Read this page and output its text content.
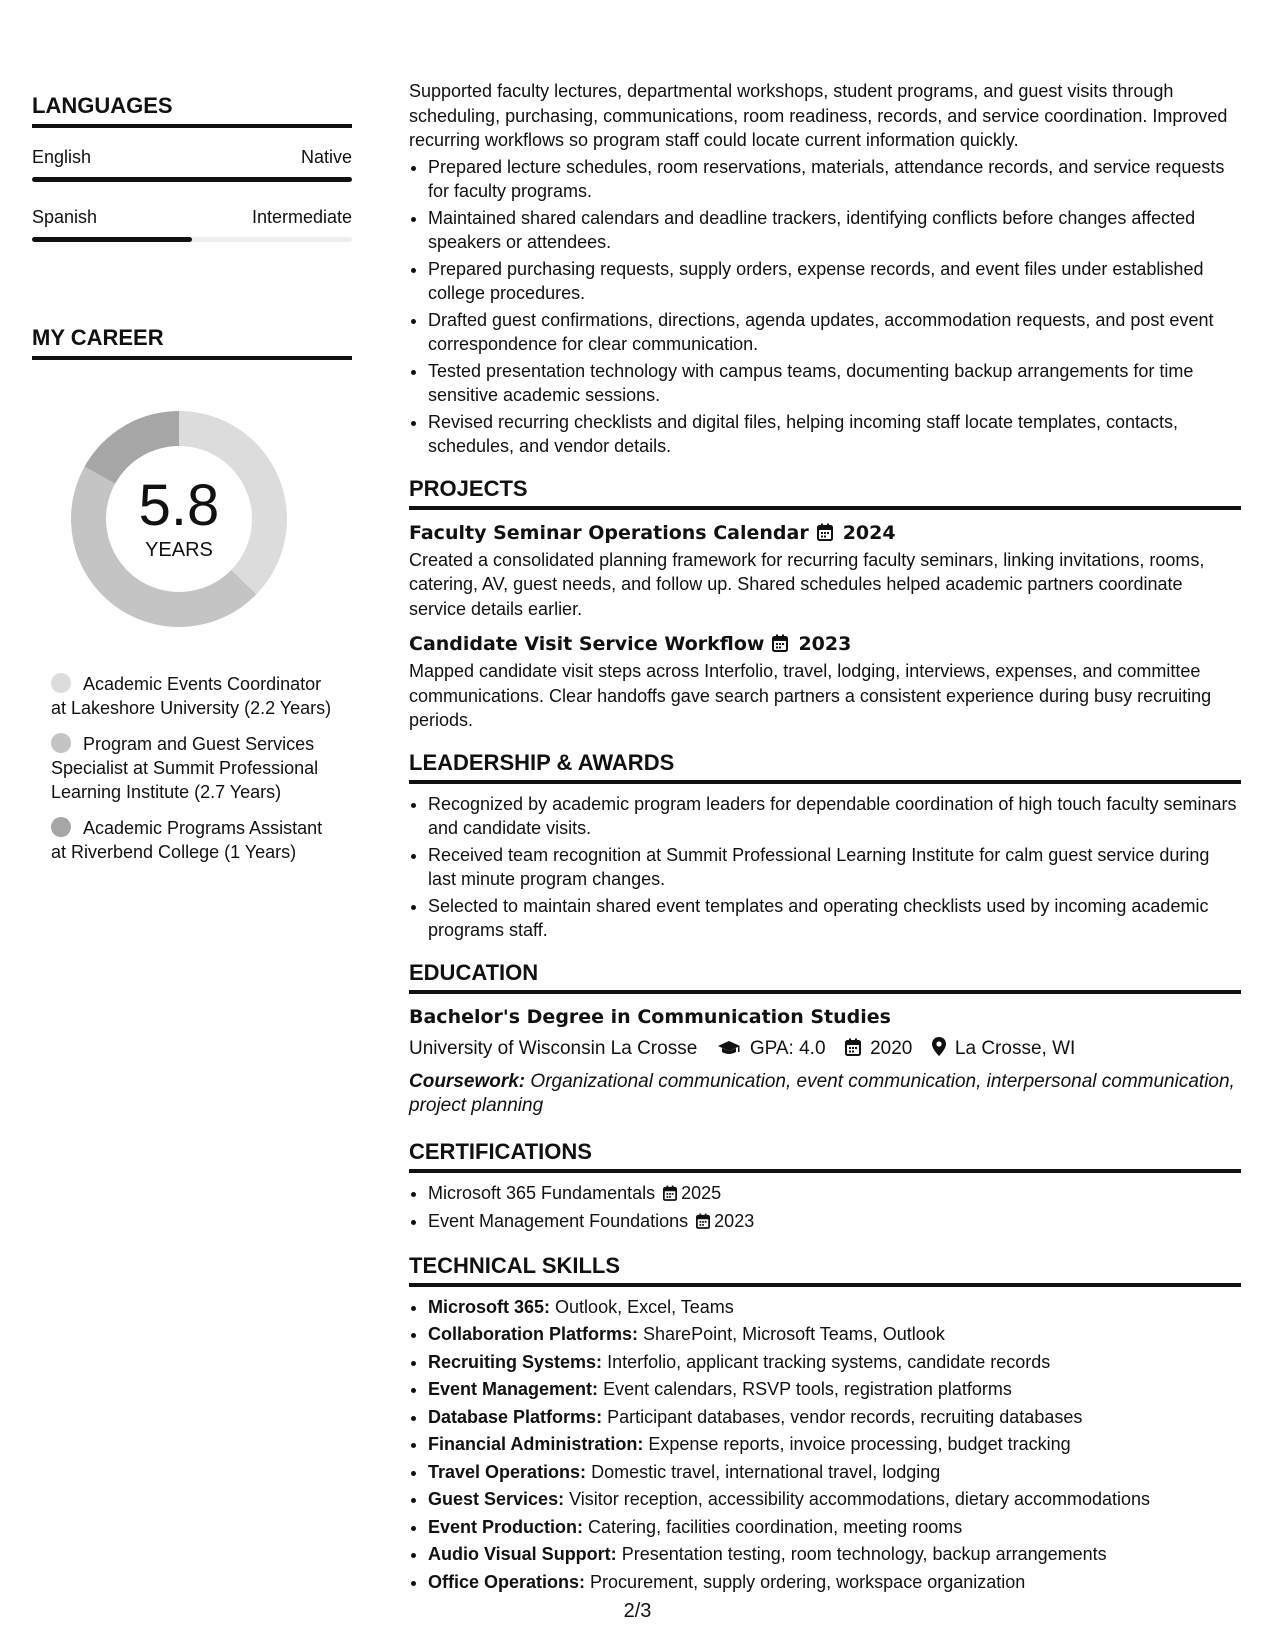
LANGUAGES
English	Native
Spanish	Intermediate
MY CAREER
5.8
YEARS
Academic Events Coordinator at Lakeshore University (2.2 Years)
Program and Guest Services Specialist at Summit Professional Learning Institute (2.7 Years)
Academic Programs Assistant at Riverbend College (1 Years)

Supported faculty lectures, departmental workshops, student programs, and guest visits through scheduling, purchasing, communications, room readiness, records, and service coordination. Improved recurring workflows so program staff could locate current information quickly.

• Prepared lecture schedules, room reservations, materials, attendance records, and service requests for faculty programs.
• Maintained shared calendars and deadline trackers, identifying conflicts before changes affected speakers or attendees.
• Prepared purchasing requests, supply orders, expense records, and event files under established college procedures.
• Drafted guest confirmations, directions, agenda updates, accommodation requests, and post event correspondence for clear communication.
• Tested presentation technology with campus teams, documenting backup arrangements for time sensitive academic sessions.
• Revised recurring checklists and digital files, helping incoming staff locate templates, contacts, schedules, and vendor details.
PROJECTS
Faculty Seminar Operations Calendar 2024

Created a consolidated planning framework for recurring faculty seminars, linking invitations, rooms, catering, AV, guest needs, and follow up. Shared schedules helped academic partners coordinate service details earlier.

Candidate Visit Service Workflow 2023

Mapped candidate visit steps across Interfolio, travel, lodging, interviews, expenses, and committee communications. Clear handoffs gave search partners a consistent experience during busy recruiting periods.

LEADERSHIP & AWARDS
• Recognized by academic program leaders for dependable coordination of high touch faculty seminars and candidate visits.
• Received team recognition at Summit Professional Learning Institute for calm guest service during last minute program changes.
• Selected to maintain shared event templates and operating checklists used by incoming academic programs staff.
EDUCATION
Bachelor's Degree in Communication Studies
University of Wisconsin La Crosse	GPA: 4.0 2020 La Crosse, WI
Coursework: Organizational communication, event communication, interpersonal communication, project planning
CERTIFICATIONS
• Microsoft 365 Fundamentals 2025
• Event Management Foundations 2023
TECHNICAL SKILLS
• Microsoft 365: Outlook, Excel, Teams
• Collaboration Platforms: SharePoint, Microsoft Teams, Outlook
• Recruiting Systems: Interfolio, applicant tracking systems, candidate records
• Event Management: Event calendars, RSVP tools, registration platforms
• Database Platforms: Participant databases, vendor records, recruiting databases
• Financial Administration: Expense reports, invoice processing, budget tracking
• Travel Operations: Domestic travel, international travel, lodging
• Guest Services: Visitor reception, accessibility accommodations, dietary accommodations
• Event Production: Catering, facilities coordination, meeting rooms
• Audio Visual Support: Presentation testing, room technology, backup arrangements
• Office Operations: Procurement, supply ordering, workspace organization
2/3
